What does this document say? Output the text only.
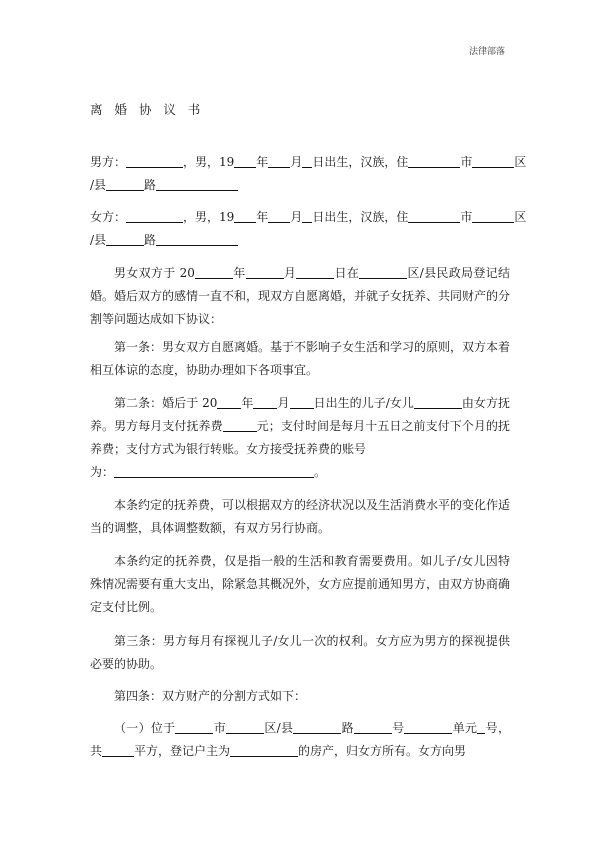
法律部落
离 婚 协 议 书
男方：	，男，19 年 月 日出生，汉族，住	市	区
/县	路
女方：	，男，19 年 月 日出生，汉族，住	市	区
/县	路
男女双方于 20	年	月	日在	区/县民政局登记结婚。婚后双方的感情一直不和，现双方自愿离婚，并就子女抚养、共同财产的分割等问题达成如下协议：
第一条：男女双方自愿离婚。基于不影响子女生活和学习的原则，双方本着相互体谅的态度，协助办理如下各项事宜。
第二条：婚后于 20 年 月 日出生的儿子/女儿	由女方抚养。男方每月支付抚养费	元；支付时间是每月十五日之前支付下个月的抚养费；支付方式为银行转账。女方接受抚养费的账号
为：	。
本条约定的抚养费，可以根据双方的经济状况以及生活消费水平的变化作适当的调整，具体调整数额，有双方另行协商。
本条约定的抚养费，仅是指一般的生活和教育需要费用。如儿子/女儿因特殊情况需要有重大支出，除紧急其概况外，女方应提前通知男方，由双方协商确定支付比例。
第三条：男方每月有探视儿子/女儿一次的权利。女方应为男方的探视提供必要的协助。
第四条：双方财产的分割方式如下：
（一）位于	市	区/县	路	号	单元 号，共	平方，登记户主为	的房产，归女方所有。女方向男
